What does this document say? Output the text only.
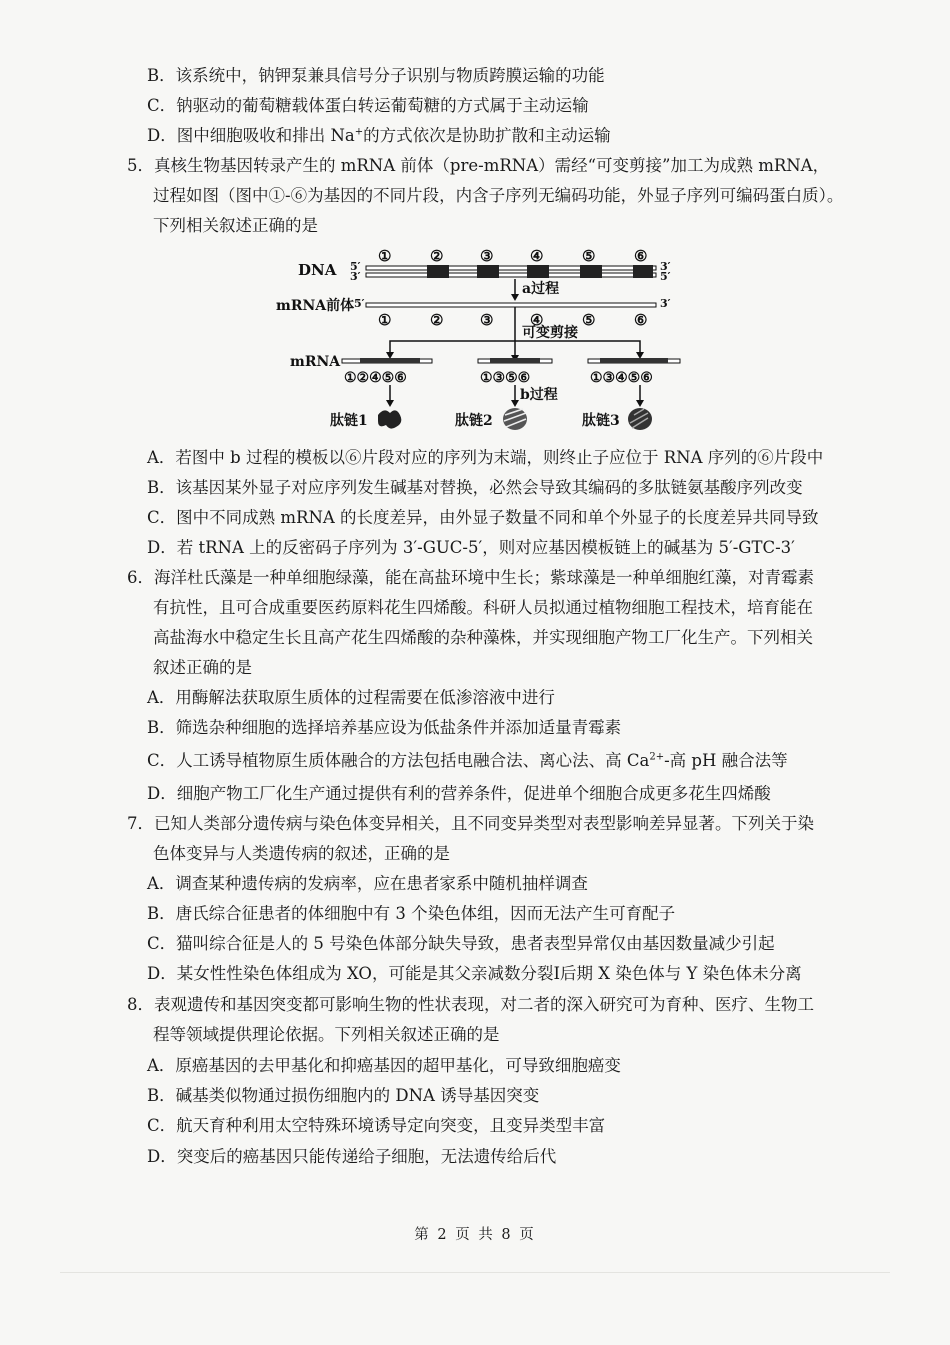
B．该系统中，钠钾泵兼具信号分子识别与物质跨膜运输的功能
C．钠驱动的葡萄糖载体蛋白转运葡萄糖的方式属于主动运输
D．图中细胞吸收和排出 Na+的方式依次是协助扩散和主动运输
5．真核生物基因转录产生的 mRNA 前体（pre-mRNA）需经“可变剪接”加工为成熟 mRNA，
过程如图（图中①-⑥为基因的不同片段，内含子序列无编码功能，外显子序列可编码蛋白质）。
下列相关叙述正确的是
DNA 5′
3′
3′
5′
①	② ③ ④	⑤	⑥
a过程
mRNA前体 5′	3′
①	② ③ ④	⑤	⑥
可变剪接
mRNA
①②④⑤⑥	①③⑤⑥	①③④⑤⑥
b过程
肽链1	肽链2	肽链3
A．若图中 b 过程的模板以⑥片段对应的序列为末端，则终止子应位于 RNA 序列的⑥片段中
B．该基因某外显子对应序列发生碱基对替换，必然会导致其编码的多肽链氨基酸序列改变
C．图中不同成熟 mRNA 的长度差异，由外显子数量不同和单个外显子的长度差异共同导致
D．若 tRNA 上的反密码子序列为 3′-GUC-5′，则对应基因模板链上的碱基为 5′-GTC-3′
6．海洋杜氏藻是一种单细胞绿藻，能在高盐环境中生长；紫球藻是一种单细胞红藻，对青霉素
有抗性，且可合成重要医药原料花生四烯酸。科研人员拟通过植物细胞工程技术，培育能在
高盐海水中稳定生长且高产花生四烯酸的杂种藻株，并实现细胞产物工厂化生产。下列相关
叙述正确的是
A．用酶解法获取原生质体的过程需要在低渗溶液中进行
B．筛选杂种细胞的选择培养基应设为低盐条件并添加适量青霉素
C．人工诱导植物原生质体融合的方法包括电融合法、离心法、高 $Ca^{2+}-$高 pH 融合法等
D．细胞产物工厂化生产通过提供有利的营养条件，促进单个细胞合成更多花生四烯酸
7．已知人类部分遗传病与染色体变异相关，且不同变异类型对表型影响差异显著。下列关于染
色体变异与人类遗传病的叙述，正确的是
A．调查某种遗传病的发病率，应在患者家系中随机抽样调查
B．唐氏综合征患者的体细胞中有 3 个染色体组，因而无法产生可育配子
C．猫叫综合征是人的 5 号染色体部分缺失导致，患者表型异常仅由基因数量减少引起
D．某女性性染色体组成为 XO，可能是其父亲减数分裂Ⅰ后期 X 染色体与 Y 染色体未分离
8．表观遗传和基因突变都可影响生物的性状表现，对二者的深入研究可为育种、医疗、生物工
程等领域提供理论依据。下列相关叙述正确的是
A．原癌基因的去甲基化和抑癌基因的超甲基化，可导致细胞癌变
B．碱基类似物通过损伤细胞内的 DNA 诱导基因突变
C．航天育种利用太空特殊环境诱导定向突变，且变异类型丰富
D．突变后的癌基因只能传递给子细胞，无法遗传给后代
第 2 页 共 8 页
